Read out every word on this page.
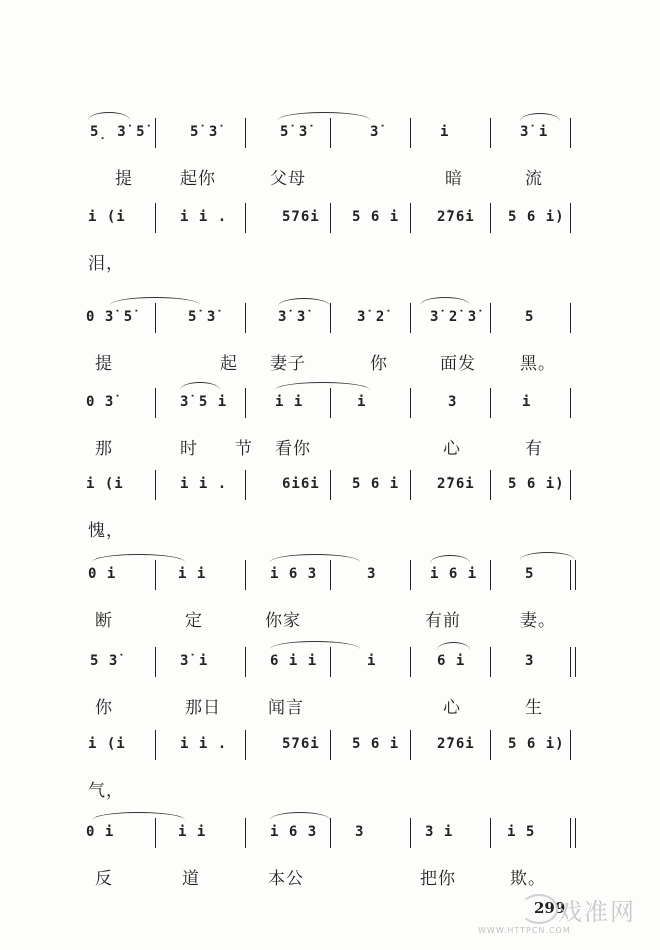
5̣ 3̇ 5̇	5̇ 3̇	5̇ 3̇	3̇	i	3̇ i
提	起你	父母	暗	流
i (i	i i .	576i 5 6 i	2̇76i 5 6 i)
泪，
0 3̇ 5̇	5̇ 3̇	3̇ 3̇	3̇ 2̇	3̇ 2̇ 3̇	5
提	起 妻子	你	面发	黑。
0 3̇	3̇ 5 i	i i	i	3	i
那	时 节 看你	心	有
i (i	i i .	6i6i 5 6 i	2̇76i 5 6 i)
愧，
0 i	i i	i 6 3	3	i 6 i	5
断	定	你家	有前	妻。
5 3̇	3̇ i	6 i i	i	6 i	3
你	那日	闻言	心	生
i (i	i i .	576i 5 6 i	2̇76i 5 6 i)
气，
0 i	i i	i 6 3	3	3 i	i 5
反	道	本公	把你	欺。
299
戏准网
WWW.HTTPCN.COM
